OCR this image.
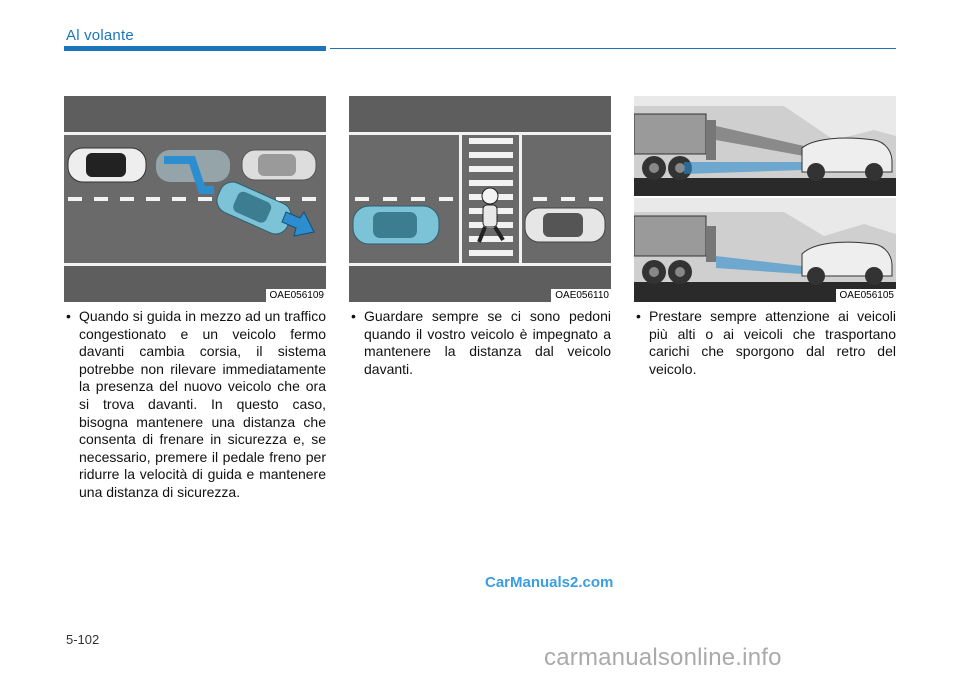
Al volante
OAE056109	OAE056110	OAE056105
• Quando si guida in mezzo ad un traffico congestionato e un veicolo fermo davanti cambia corsia, il sistema potrebbe non rilevare immediatamente la presenza del nuovo veicolo che ora si trova davanti. In questo caso, bisogna mantenere una distanza che consenta di frenare in sicurezza e, se necessario, premere il pedale freno per ridurre la velocità di guida e mantenere una distanza di sicurezza.
• Guardare sempre se ci sono pedoni quando il vostro veicolo è impegnato a mantenere la distanza dal veicolo davanti.
• Prestare sempre attenzione ai veicoli più alti o ai veicoli che trasportano carichi che sporgono dal retro del veicolo.
CarManuals2.com
5-102
carmanualsonline.info
